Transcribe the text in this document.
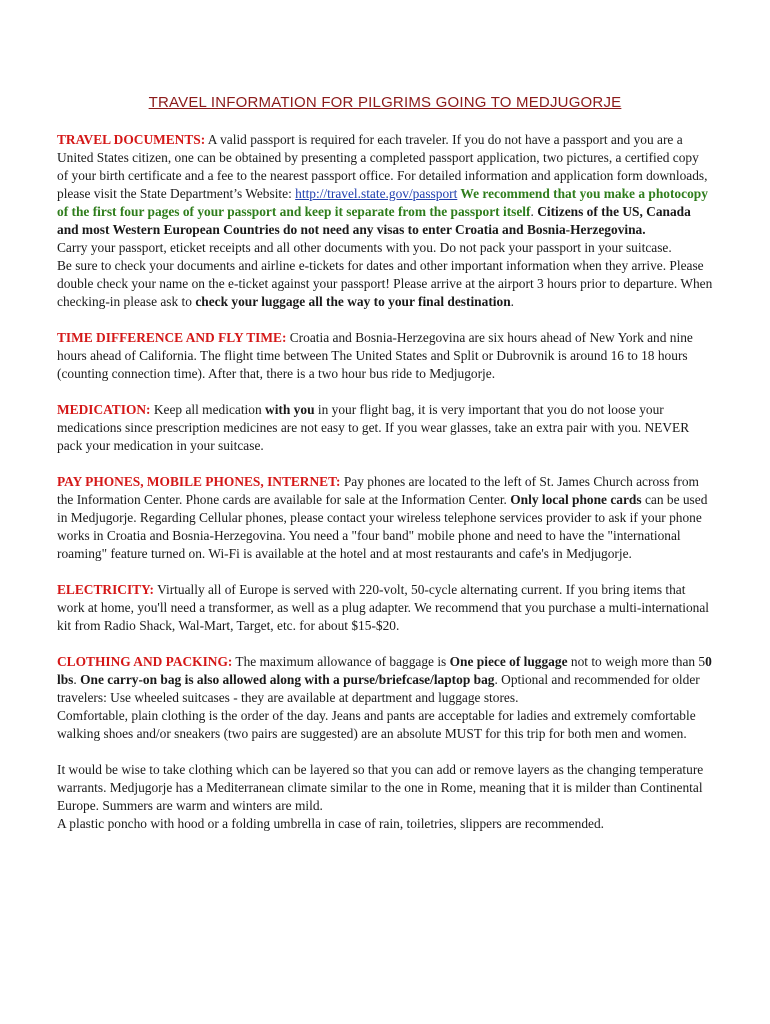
TRAVEL INFORMATION FOR PILGRIMS GOING TO MEDJUGORJE

TRAVEL DOCUMENTS: A valid passport is required for each traveler. If you do not have a passport and you are a United States citizen, one can be obtained by presenting a completed passport application, two pictures, a certified copy of your birth certificate and a fee to the nearest passport office. For detailed information and application form downloads, please visit the State Department’s Website: http://travel.state.gov/passport We recommend that you make a photocopy of the first four pages of your passport and keep it separate from the passport itself. Citizens of the US, Canada and most Western European Countries do not need any visas to enter Croatia and Bosnia-Herzegovina.

Carry your passport, eticket receipts and all other documents with you. Do not pack your passport in your suitcase.

Be sure to check your documents and airline e-tickets for dates and other important information when they arrive. Please double check your name on the e-ticket against your passport! Please arrive at the airport 3 hours prior to departure. When checking-in please ask to check your luggage all the way to your final destination.

TIME DIFFERENCE AND FLY TIME: Croatia and Bosnia-Herzegovina are six hours ahead of New York and nine hours ahead of California. The flight time between The United States and Split or Dubrovnik is around 16 to 18 hours (counting connection time). After that, there is a two hour bus ride to Medjugorje.

MEDICATION: Keep all medication with you in your flight bag, it is very important that you do not loose your medications since prescription medicines are not easy to get. If you wear glasses, take an extra pair with you. NEVER pack your medication in your suitcase.

PAY PHONES, MOBILE PHONES, INTERNET: Pay phones are located to the left of St. James Church across from the Information Center. Phone cards are available for sale at the Information Center. Only local phone cards can be used in Medjugorje. Regarding Cellular phones, please contact your wireless telephone services provider to ask if your phone works in Croatia and Bosnia-Herzegovina. You need a "four band" mobile phone and need to have the "international roaming" feature turned on. Wi-Fi is available at the hotel and at most restaurants and cafe's in Medjugorje.

ELECTRICITY: Virtually all of Europe is served with 220-volt, 50-cycle alternating current. If you bring items that work at home, you'll need a transformer, as well as a plug adapter. We recommend that you purchase a multi-international kit from Radio Shack, Wal-Mart, Target, etc. for about $15-$20.

CLOTHING AND PACKING: The maximum allowance of baggage is One piece of luggage not to weigh more than 50 lbs. One carry-on bag is also allowed along with a purse/briefcase/laptop bag. Optional and recommended for older travelers: Use wheeled suitcases - they are available at department and luggage stores.

Comfortable, plain clothing is the order of the day. Jeans and pants are acceptable for ladies and extremely comfortable walking shoes and/or sneakers (two pairs are suggested) are an absolute MUST for this trip for both men and women.

It would be wise to take clothing which can be layered so that you can add or remove layers as the changing temperature warrants. Medjugorje has a Mediterranean climate similar to the one in Rome, meaning that it is milder than Continental Europe. Summers are warm and winters are mild.

A plastic poncho with hood or a folding umbrella in case of rain, toiletries, slippers are recommended.
